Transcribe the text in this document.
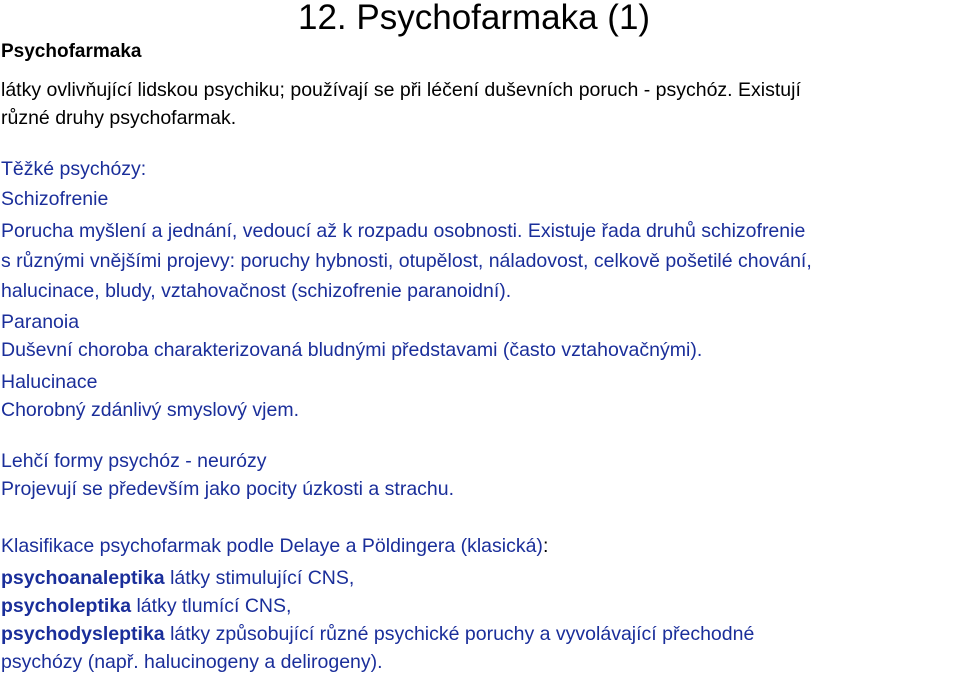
12. Psychofarmaka (1)
Psychofarmaka
látky ovlivňující lidskou psychiku; používají se při léčení duševních poruch - psychóz. Existují
různé druhy psychofarmak.
Těžké psychózy:
Schizofrenie
Porucha myšlení a jednání, vedoucí až k rozpadu osobnosti. Existuje řada druhů schizofrenie
s různými vnějšími projevy: poruchy hybnosti, otupělost, náladovost, celkově pošetilé chování,
halucinace, bludy, vztahovačnost (schizofrenie paranoidní).
Paranoia
Duševní choroba charakterizovaná bludnými představami (často vztahovačnými).
Halucinace
Chorobný zdánlivý smyslový vjem.
Lehčí formy psychóz - neurózy
Projevují se především jako pocity úzkosti a strachu.
Klasifikace psychofarmak podle Delaye a Pöldingera (klasická):
psychoanaleptika látky stimulující CNS,
psycholeptika látky tlumící CNS,
psychodysleptika látky způsobující různé psychické poruchy a vyvolávající přechodné
psychózy (např. halucinogeny a delirogeny).
